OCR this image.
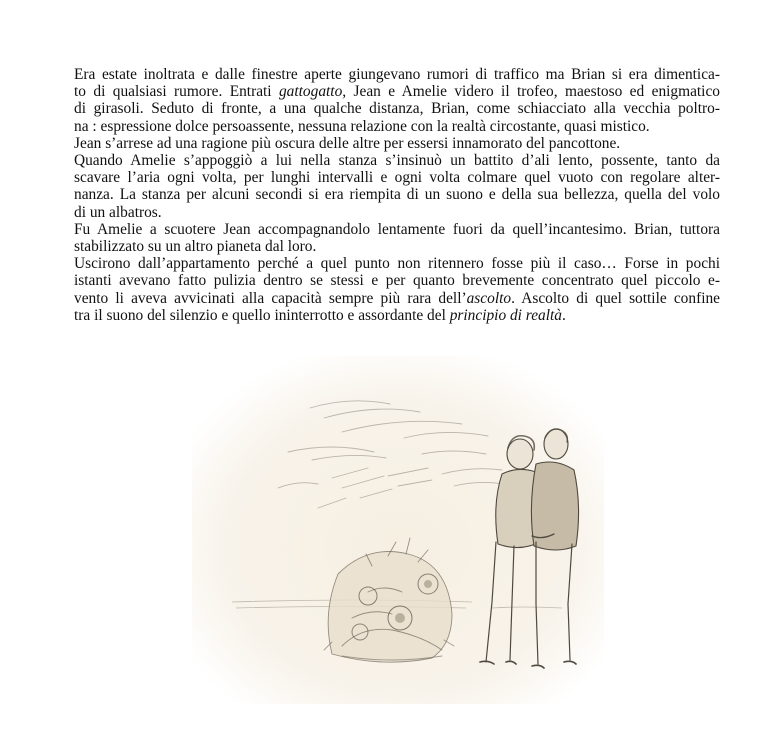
Era estate inoltrata e dalle finestre aperte giungevano rumori di traffico ma Brian si era dimentica-
to di qualsiasi rumore. Entrati gattogatto, Jean e Amelie videro il trofeo, maestoso ed enigmatico
di girasoli. Seduto di fronte, a una qualche distanza, Brian, come schiacciato alla vecchia poltro-
na : espressione dolce persoassente, nessuna relazione con la realtà circostante, quasi mistico.

Jean s’arrese ad una ragione più oscura delle altre per essersi innamorato del pancottone.

Quando Amelie s’appoggiò a lui nella stanza s’insinuò un battito d’ali lento, possente, tanto da
scavare l’aria ogni volta, per lunghi intervalli e ogni volta colmare quel vuoto con regolare alter-
nanza. La stanza per alcuni secondi si era riempita di un suono e della sua bellezza, quella del volo
di un albatros.

Fu Amelie a scuotere Jean accompagnandolo lentamente fuori da quell’incantesimo. Brian, tuttora
stabilizzato su un altro pianeta dal loro.

Uscirono dall’appartamento perché a quel punto non ritennero fosse più il caso… Forse in pochi
istanti avevano fatto pulizia dentro se stessi e per quanto brevemente concentrato quel piccolo e-
vento li aveva avvicinati alla capacità sempre più rara dell’ascolto. Ascolto di quel sottile confine
tra il suono del silenzio e quello ininterrotto e assordante del principio di realtà.
